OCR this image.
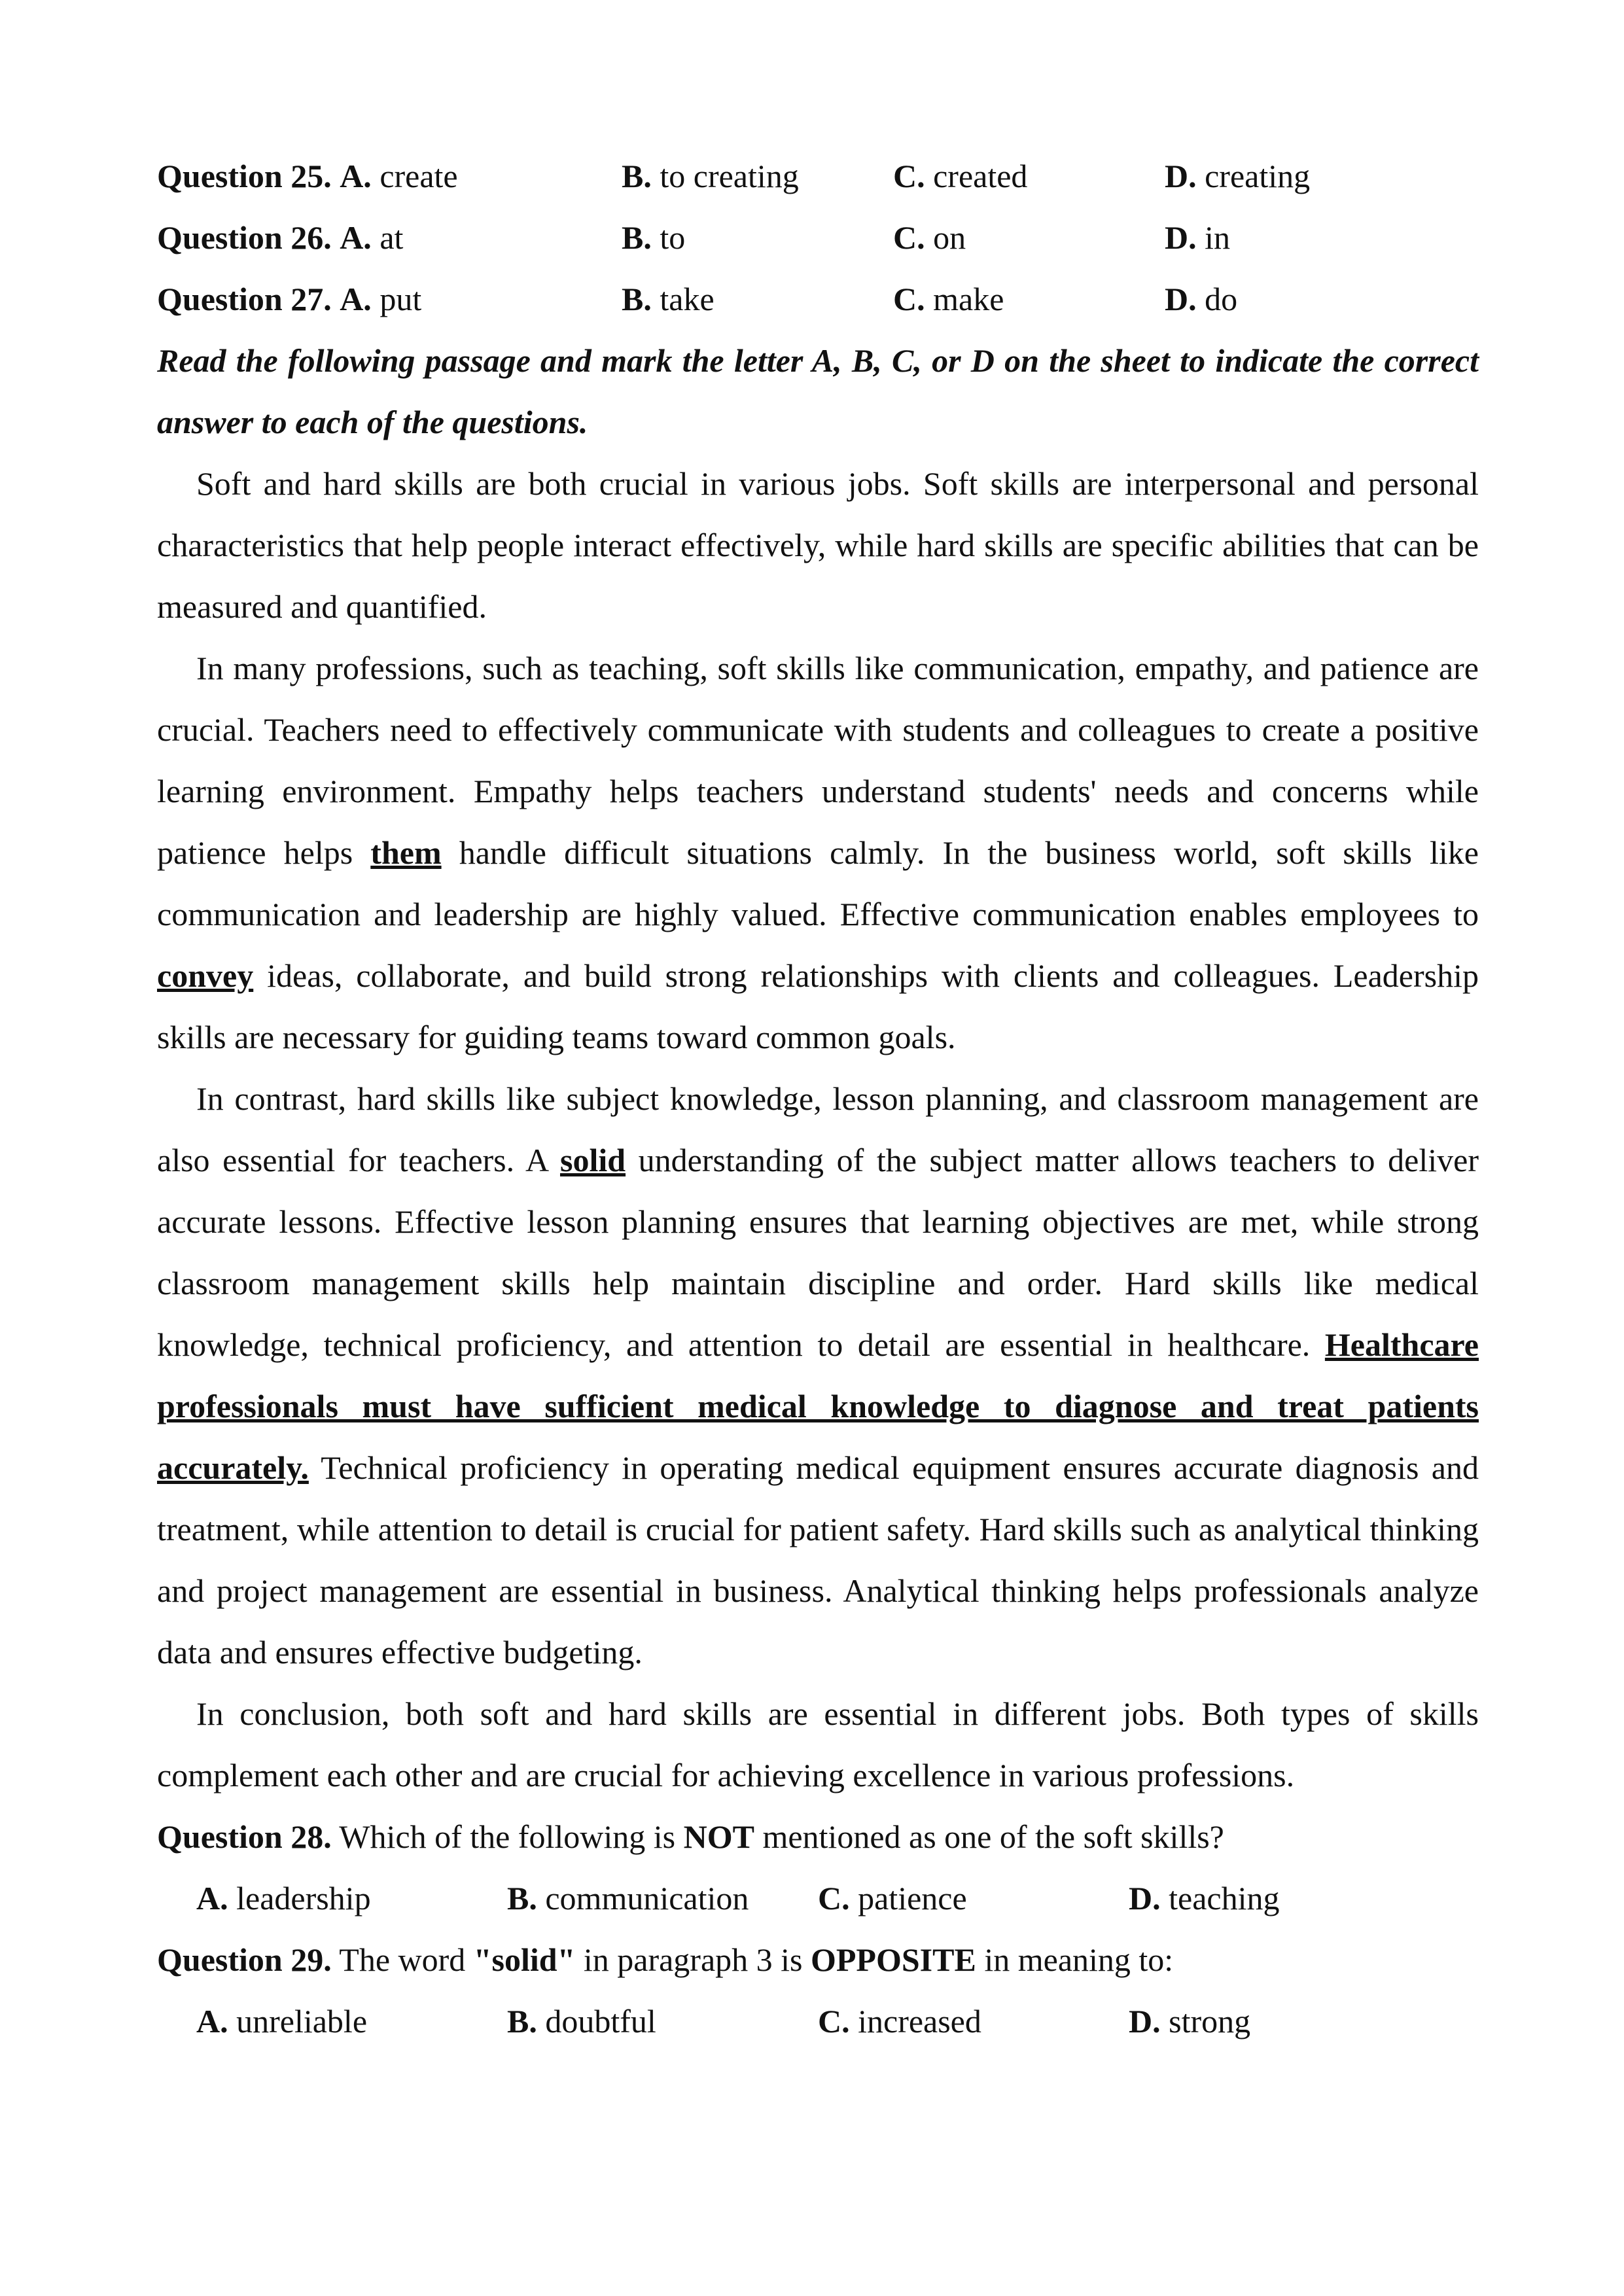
Question 25. A. create	B. to creating	C. created	D. creating
Question 26. A. at	B. to	C. on	D. in
Question 27. A. put	B. take	C. make	D. do

Read the following passage and mark the letter A, B, C, or D on the sheet to indicate the correct answer to each of the questions.

Soft and hard skills are both crucial in various jobs. Soft skills are interpersonal and personal characteristics that help people interact effectively, while hard skills are specific abilities that can be measured and quantified.

In many professions, such as teaching, soft skills like communication, empathy, and patience are crucial. Teachers need to effectively communicate with students and colleagues to create a positive learning environment. Empathy helps teachers understand students' needs and concerns while patience helps them handle difficult situations calmly. In the business world, soft skills like communication and leadership are highly valued. Effective communication enables employees to convey ideas, collaborate, and build strong relationships with clients and colleagues. Leadership skills are necessary for guiding teams toward common goals.

In contrast, hard skills like subject knowledge, lesson planning, and classroom management are also essential for teachers. A solid understanding of the subject matter allows teachers to deliver accurate lessons. Effective lesson planning ensures that learning objectives are met, while strong classroom management skills help maintain discipline and order. Hard skills like medical knowledge, technical proficiency, and attention to detail are essential in healthcare. Healthcare professionals must have sufficient medical knowledge to diagnose and treat patients accurately. Technical proficiency in operating medical equipment ensures accurate diagnosis and treatment, while attention to detail is crucial for patient safety. Hard skills such as analytical thinking and project management are essential in business. Analytical thinking helps professionals analyze data and ensures effective budgeting.

In conclusion, both soft and hard skills are essential in different jobs. Both types of skills complement each other and are crucial for achieving excellence in various professions.

Question 28. Which of the following is NOT mentioned as one of the soft skills?

A. leadership	B. communication	C. patience	D. teaching

Question 29. The word "solid" in paragraph 3 is OPPOSITE in meaning to:

A. unreliable	B. doubtful	C. increased	D. strong
